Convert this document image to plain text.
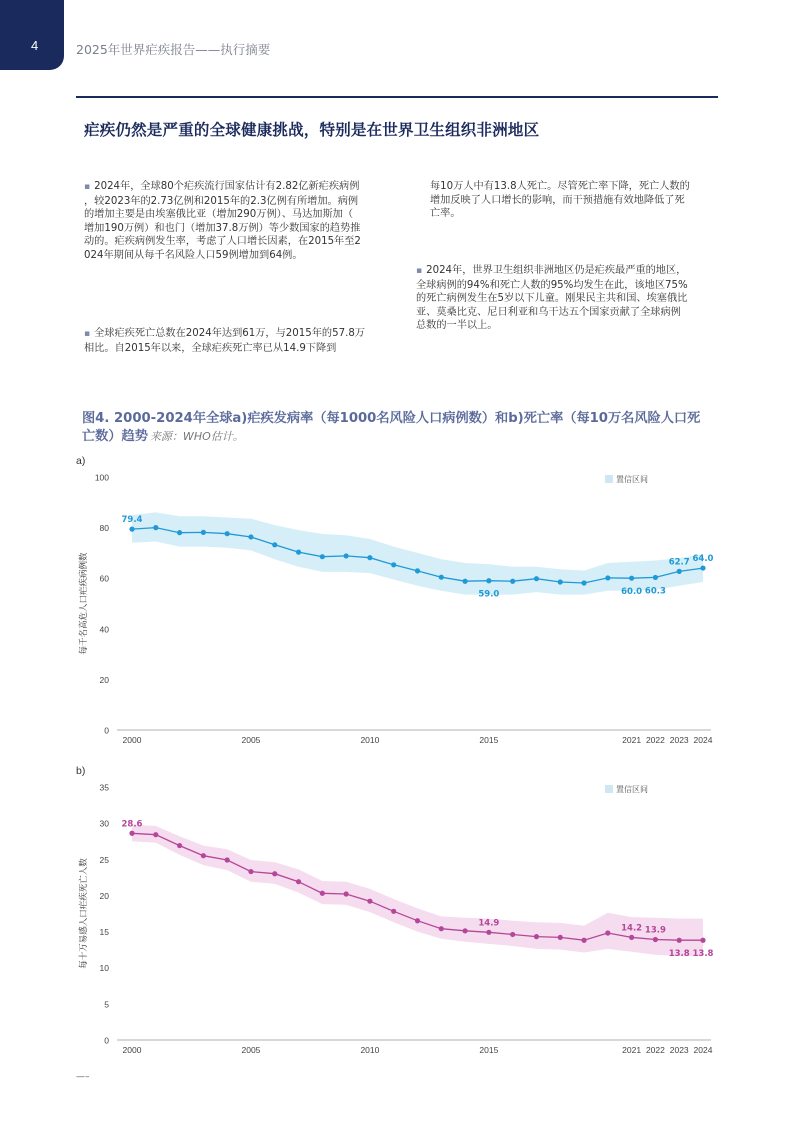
4	2025年世界疟疾报告——执行摘要
疟疾仍然是严重的全球健康挑战，特别是在世界卫生组织非洲地区
▪ 2024年，全球80个疟疾流行国家估计有2.82亿新疟疾病例
，较2023年的2.73亿例和2015年的2.3亿例有所增加。病例
的增加主要是由埃塞俄比亚（增加290万例）、马达加斯加（
增加190万例）和也门（增加37.8万例）等少数国家的趋势推
动的。疟疾病例发生率，考虑了人口增长因素，在2015年至2
024年期间从每千名风险人口59例增加到64例。
▪ 全球疟疾死亡总数在2024年达到61万，与2015年的57.8万
相比。自2015年以来，全球疟疾死亡率已从14.9下降到
每10万人中有13.8人死亡。尽管死亡率下降，死亡人数的
增加反映了人口增长的影响，而干预措施有效地降低了死
亡率。
▪ 2024年，世界卫生组织非洲地区仍是疟疾最严重的地区，
全球病例的94%和死亡人数的95%均发生在此，该地区75%
的死亡病例发生在5岁以下儿童。刚果民主共和国、埃塞俄比
亚、莫桑比克、尼日利亚和乌干达五个国家贡献了全球病例
总数的一半以上。
图4. 2000-2024年全球a)疟疾发病率（每1000名风险人口病例数）和b)死亡率（每10万名风险人口死
亡数）趋势 来源：WHO估计。
a)
0
20
40
60
80
100
每千名高危人口疟疾病例数
2000	2005	2010	2015	2021 2022 2023 2024
79.4
59.0	60.0 60.3
62.7 64.0
置信区间
b)
0
5
10
15
20
25
30
35
每十万易感人口疟疾死亡人数
2000	2005	2010	2015	2021 2022 2023 2024
28.6
14.9
14.2 13.9
13.8 13.8
置信区间
—–
